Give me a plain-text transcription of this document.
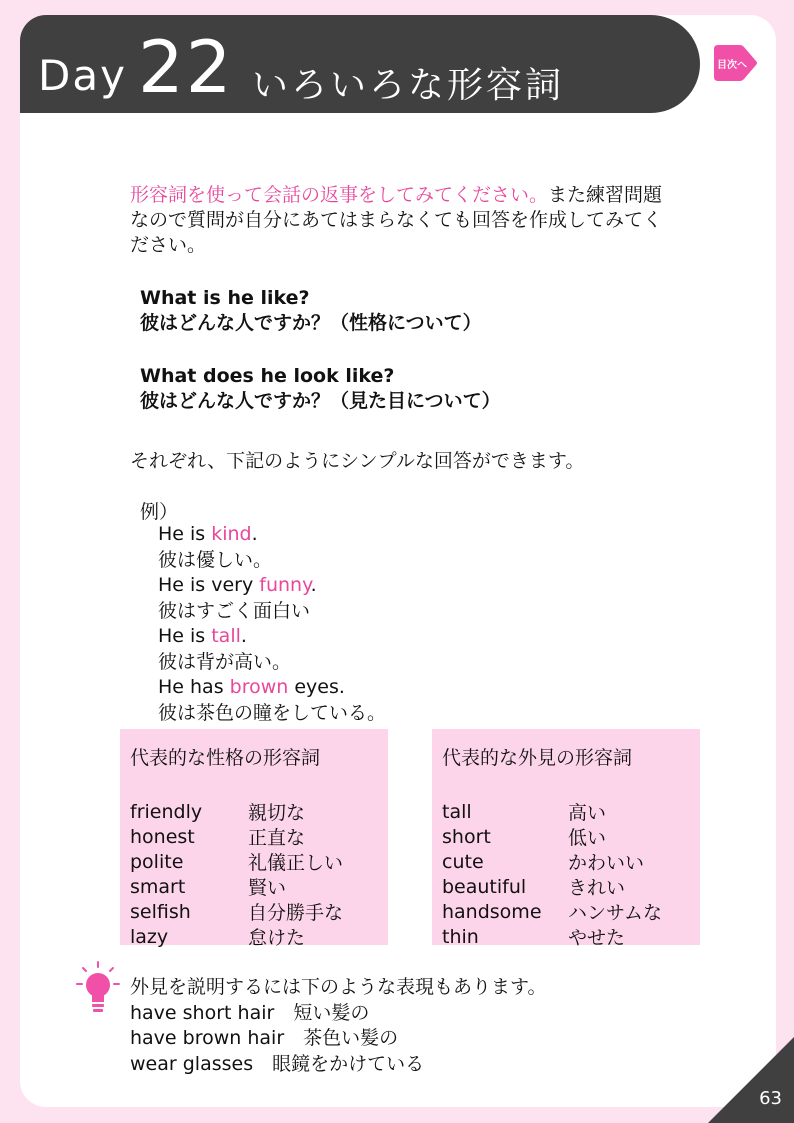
Day 22 いろいろな形容詞	目次へ
形容詞を使って会話の返事をしてみてください。また練習問題
なので質問が自分にあてはまらなくても回答を作成してみてく
ださい。
What is he like?
彼はどんな人ですか？（性格について）
What does he look like?
彼はどんな人ですか？（見た目について）
それぞれ、下記のようにシンプルな回答ができます。
例）
He is kind.
彼は優しい。
He is very funny.
彼はすごく面白い
He is tall.
彼は背が高い。
He has brown eyes.
彼は茶色の瞳をしている。
代表的な性格の形容詞
friendly 親切な
honest	正直な
polite	礼儀正しい
smart	賢い
selfish	自分勝手な
lazy	怠けた
代表的な外見の形容詞
tall	高い
short	低い
cute	かわいい
beautiful きれい
handsome ハンサムな
thin	やせた
外見を説明するには下のような表現もあります。
have short hair　 短い髪の
have brown hair　 茶色い髪の
wear glasses　 眼鏡をかけている
63
